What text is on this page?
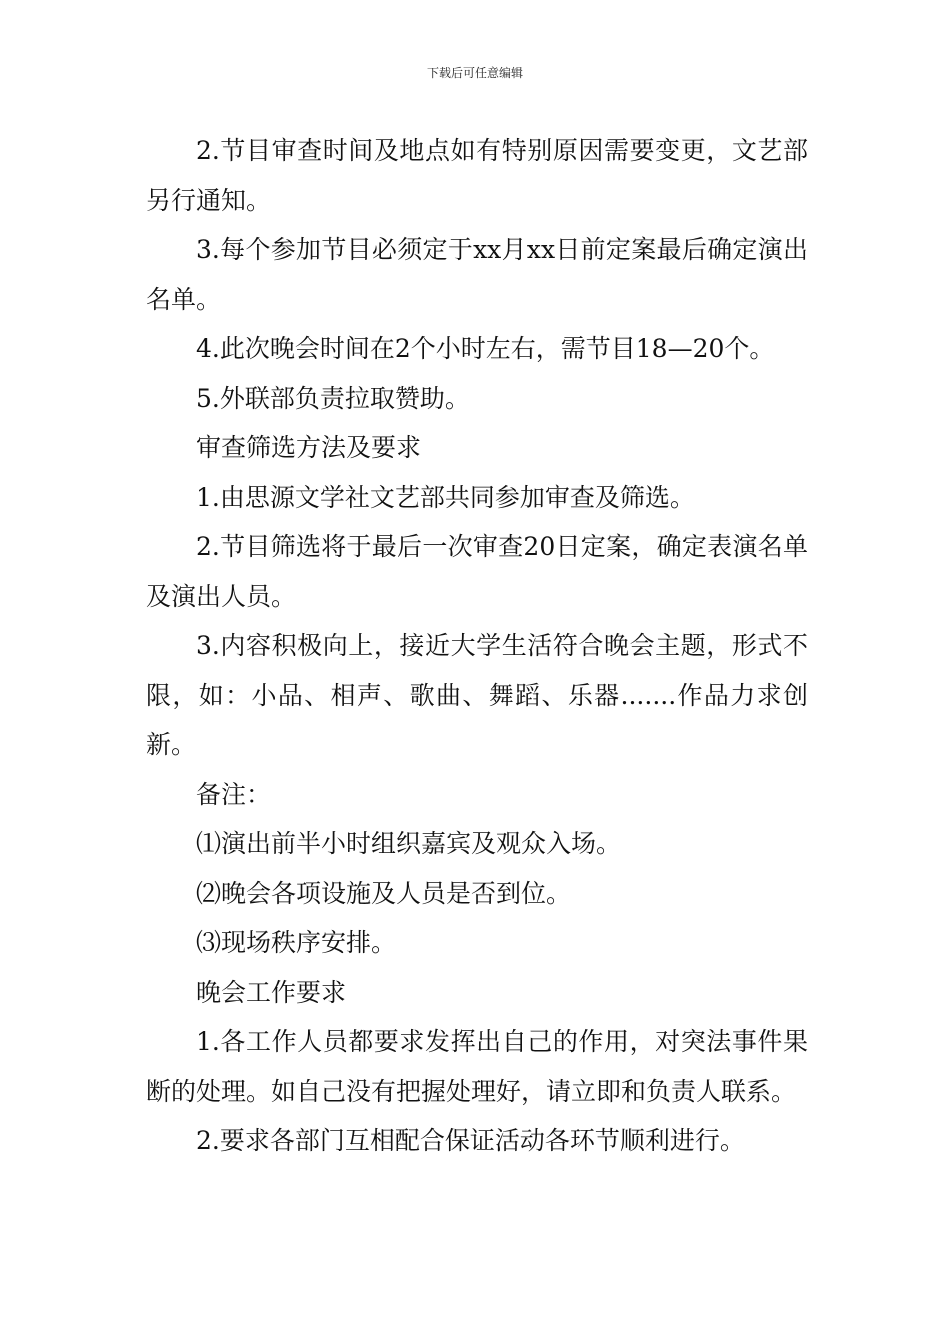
下载后可任意编辑

2.节目审查时间及地点如有特别原因需要变更，文艺部另行通知。

3.每个参加节目必须定于xx月xx日前定案最后确定演出名单。

4.此次晚会时间在2个小时左右，需节目18—20个。

5.外联部负责拉取赞助。

审查筛选方法及要求

1.由思源文学社文艺部共同参加审查及筛选。

2.节目筛选将于最后一次审查20日定案，确定表演名单及演出人员。

3.内容积极向上，接近大学生活符合晚会主题，形式不限，如：小品、相声、歌曲、舞蹈、乐器.......作品力求创新。

备注：

⑴演出前半小时组织嘉宾及观众入场。

⑵晚会各项设施及人员是否到位。

⑶现场秩序安排。

晚会工作要求

1.各工作人员都要求发挥出自己的作用，对突法事件果断的处理。如自己没有把握处理好，请立即和负责人联系。

2.要求各部门互相配合保证活动各环节顺利进行。
